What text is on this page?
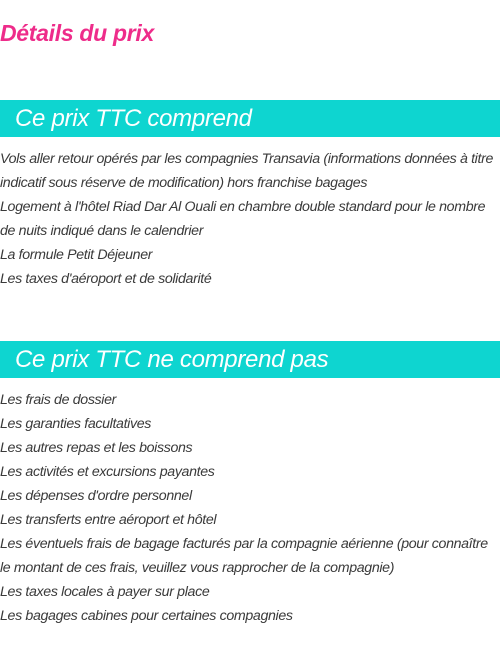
Détails du prix
Ce prix TTC comprend
Vols aller retour opérés par les compagnies Transavia (informations données à titre indicatif sous réserve de modification) hors franchise bagages
Logement à l'hôtel Riad Dar Al Ouali en chambre double standard pour le nombre de nuits indiqué dans le calendrier
La formule Petit Déjeuner
Les taxes d'aéroport et de solidarité
Ce prix TTC ne comprend pas
Les frais de dossier
Les garanties facultatives
Les autres repas et les boissons
Les activités et excursions payantes
Les dépenses d'ordre personnel
Les transferts entre aéroport et hôtel
Les éventuels frais de bagage facturés par la compagnie aérienne (pour connaître le montant de ces frais, veuillez vous rapprocher de la compagnie)
Les taxes locales à payer sur place
Les bagages cabines pour certaines compagnies
